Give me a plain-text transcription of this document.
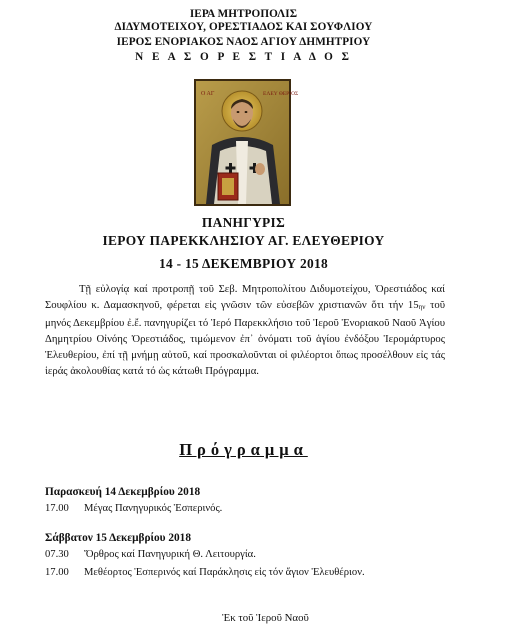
ΙΕΡΑ ΜΗΤΡΟΠΟΛΙΣ
ΔΙΔΥΜΟΤΕΙΧΟΥ, ΟΡΕΣΤΙΑΔΟΣ ΚΑΙ ΣΟΥΦΛΙΟΥ
ΙΕΡΟΣ ΕΝΟΡΙΑΚΟΣ ΝΑΟΣ ΑΓΙΟΥ ΔΗΜΗΤΡΙΟΥ
Ν Ε Α Σ Ο Ρ Ε Σ Τ Ι Α Δ Ο Σ
Ο ΑΓ	ΕΛΕΥ ΘΕΡΙΟΣ
ΠΑΝΗΓΥΡΙΣ
ΙΕΡΟΥ ΠΑΡΕΚΚΛΗΣΙΟΥ ΑΓ. ΕΛΕΥΘΕΡΙΟΥ
14 - 15 ΔΕΚΕΜΒΡΙΟΥ 2018
Τῇ εὐλογίᾳ καί προτροπῇ τοῦ Σεβ. Μητροπολίτου Διδυμοτείχου, Ὀρεστιάδος καί Σουφλίου κ. Δαμασκηνοῦ, φέρεται εἰς γνῶσιν τῶν εὐσεβῶν χριστιανῶν ὅτι τήν $15_{\eta\nu}$ τοῦ μηνός Δεκεμβρίου ἐ.ἔ. πανηγυρίζει τό Ἱερό Παρεκκλήσιο τοῦ Ἱεροῦ Ἐνοριακοῦ Ναοῦ Ἁγίου Δημητρίου Οἰνόης Ὀρεστιάδος, τιμώμενον ἐπ᾽ ὀνόματι τοῦ ἁγίου ἐνδόξου Ἱερομάρτυρος Ἐλευθερίου, ἐπί τῇ μνήμῃ αὐτοῦ, καί προσκαλοῦνται οἱ φιλέορτοι ὅπως προσέλθουν εἰς τάς ἱεράς ἀκολουθίας κατά τό ὡς κάτωθι Πρόγραμμα.
Πρόγραμμα
Παρασκευή 14 Δεκεμβρίου 2018
17.00 Μέγας Πανηγυρικός Ἑσπερινός.
Σάββατον 15 Δεκεμβρίου 2018
07.30 Ὄρθρος καί Πανηγυρική Θ. Λειτουργία.
17.00 Μεθέορτος Ἑσπερινός καί Παράκλησις εἰς τόν ἅγιον Ἐλευθέριον.
Ἐκ τοῦ Ἱεροῦ Ναοῦ
